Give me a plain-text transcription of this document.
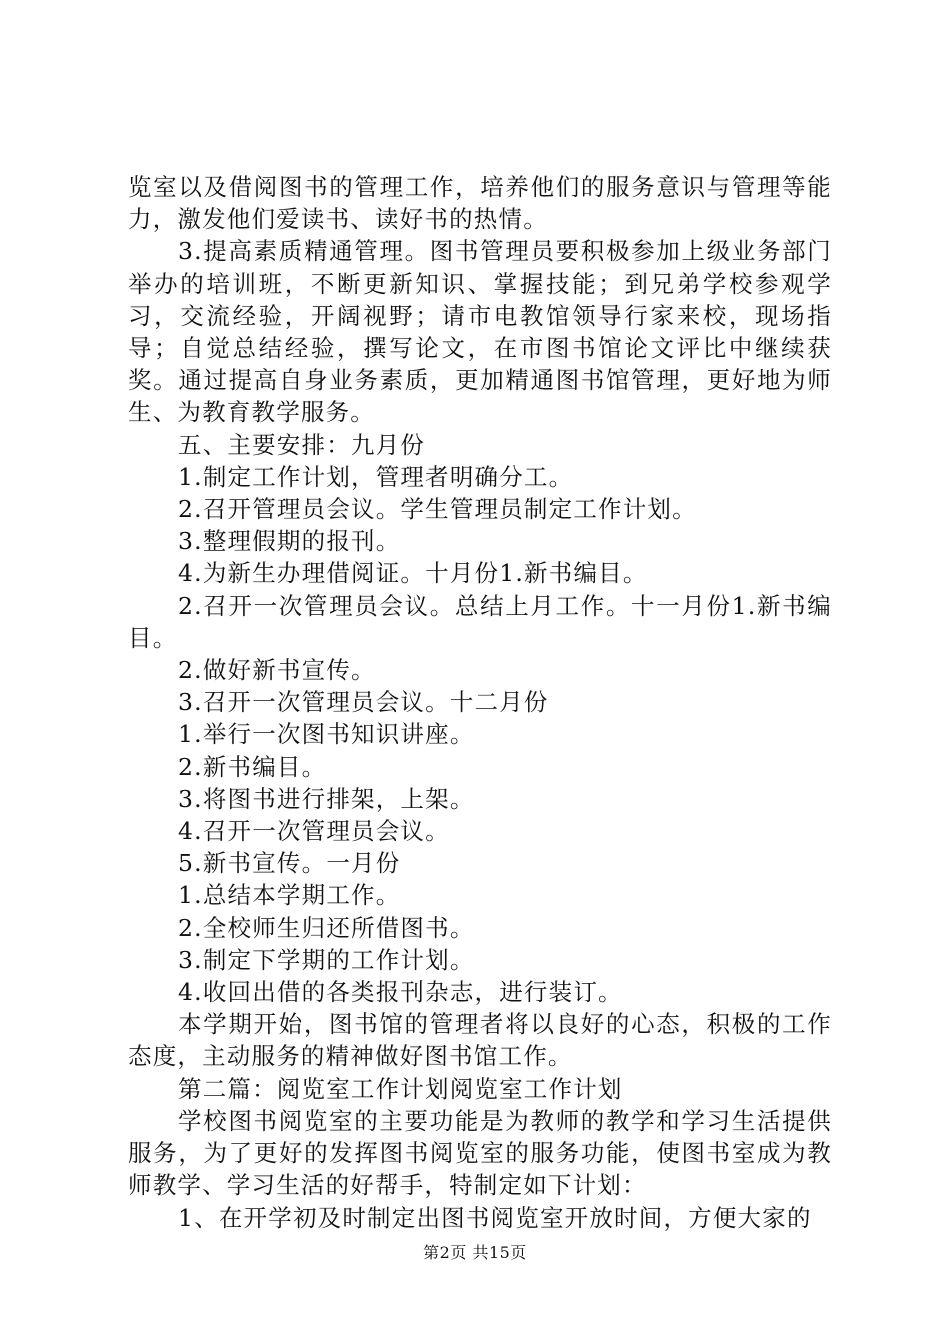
览室以及借阅图书的管理工作，培养他们的服务意识与管理等能力，激发他们爱读书、读好书的热情。

3.提高素质精通管理。图书管理员要积极参加上级业务部门举办的培训班，不断更新知识、掌握技能；到兄弟学校参观学习，交流经验，开阔视野；请市电教馆领导行家来校，现场指导；自觉总结经验，撰写论文，在市图书馆论文评比中继续获奖。通过提高自身业务素质，更加精通图书馆管理，更好地为师生、为教育教学服务。

五、主要安排：九月份

1.制定工作计划，管理者明确分工。

2.召开管理员会议。学生管理员制定工作计划。

3.整理假期的报刊。

4.为新生办理借阅证。十月份1.新书编目。

2.召开一次管理员会议。总结上月工作。十一月份1.新书编目。

2.做好新书宣传。

3.召开一次管理员会议。十二月份

1.举行一次图书知识讲座。

2.新书编目。

3.将图书进行排架，上架。

4.召开一次管理员会议。

5.新书宣传。一月份

1.总结本学期工作。

2.全校师生归还所借图书。

3.制定下学期的工作计划。

4.收回出借的各类报刊杂志，进行装订。

本学期开始，图书馆的管理者将以良好的心态，积极的工作态度，主动服务的精神做好图书馆工作。

第二篇：阅览室工作计划阅览室工作计划

学校图书阅览室的主要功能是为教师的教学和学习生活提供服务，为了更好的发挥图书阅览室的服务功能，使图书室成为教师教学、学习生活的好帮手，特制定如下计划：

1、在开学初及时制定出图书阅览室开放时间，方便大家的

第2页 共15页
